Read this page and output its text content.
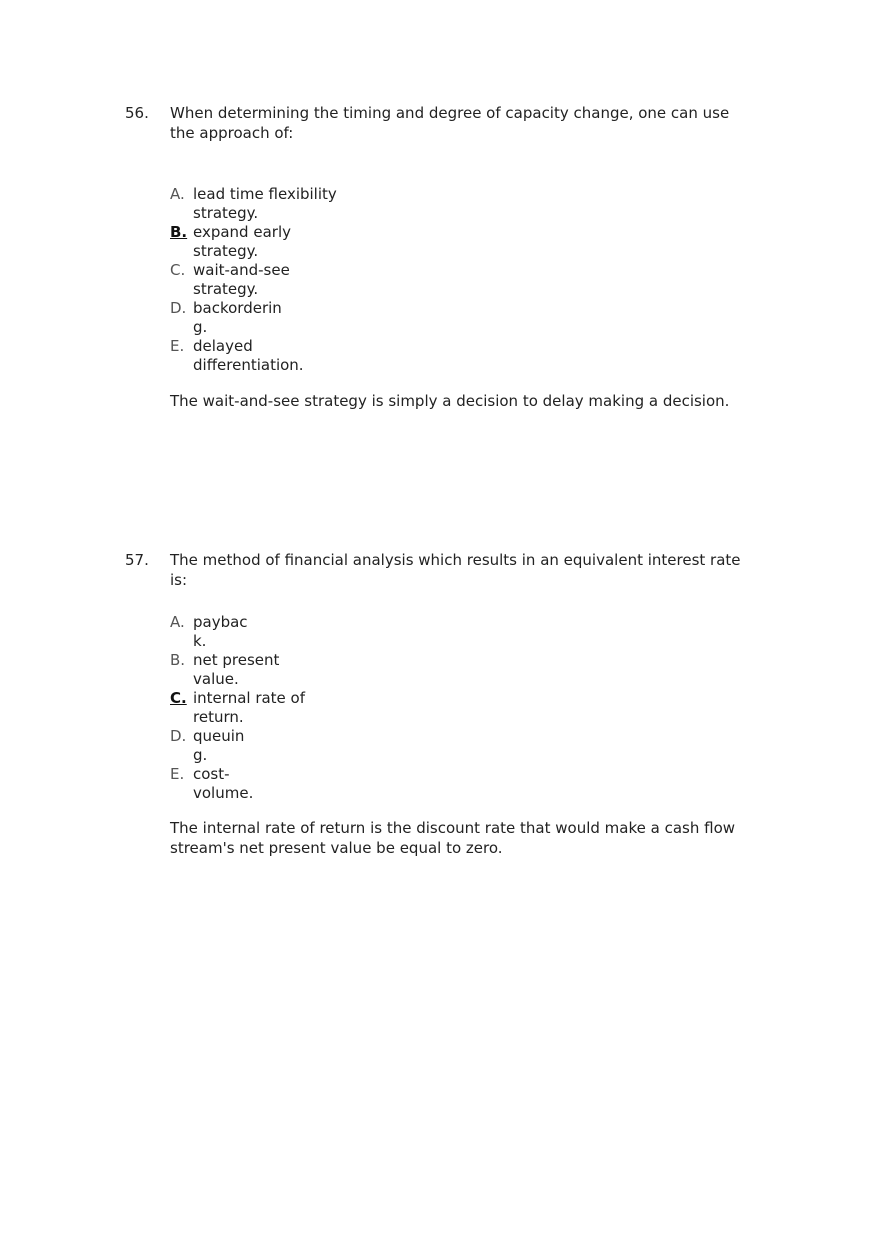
56. When determining the timing and degree of capacity change, one can use the approach of:
A. lead time flexibility
strategy.
B. expand early
strategy.
C. wait-and-see
strategy.
D. backorderin
g.
E. delayed
differentiation.
The wait-and-see strategy is simply a decision to delay making a decision.
57. The method of financial analysis which results in an equivalent interest rate is:
A. paybac
k.
B. net present
value.
C. internal rate of
return.
D. queuin
g.
E. cost-
volume.
The internal rate of return is the discount rate that would make a cash flow stream's net present value be equal to zero.
